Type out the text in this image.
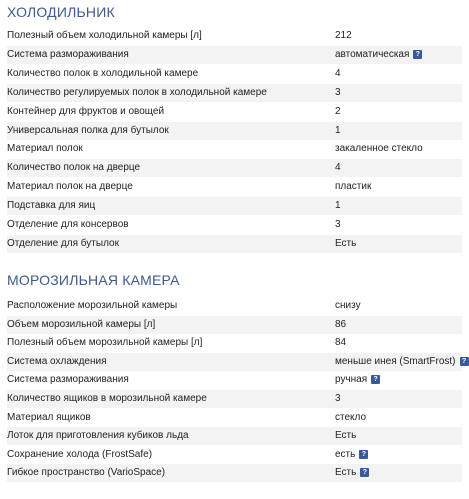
ХОЛОДИЛЬНИК
Полезный объем холодильной камеры [л]	212
Система размораживания	автоматическая ?
Количество полок в холодильной камере	4
Количество регулируемых полок в холодильной камере	3
Контейнер для фруктов и овощей	2
Универсальная полка для бутылок	1
Материал полок	закаленное стекло
Количество полок на дверце	4
Материал полок на дверце	пластик
Подставка для яиц	1
Отделение для консервов	3
Отделение для бутылок	Есть
МОРОЗИЛЬНАЯ КАМЕРА
Расположение морозильной камеры	снизу
Объем морозильной камеры [л]	86
Полезный объем морозильной камеры [л]	84
Система охлаждения	меньше инея (SmartFrost) ?
Система размораживания	ручная ?
Количество ящиков в морозильной камере	3
Материал ящиков	стекло
Лоток для приготовления кубиков льда	Есть
Сохранение холода (FrostSafe)	есть ?
Гибкое пространство (VarioSpace)	Есть ?
